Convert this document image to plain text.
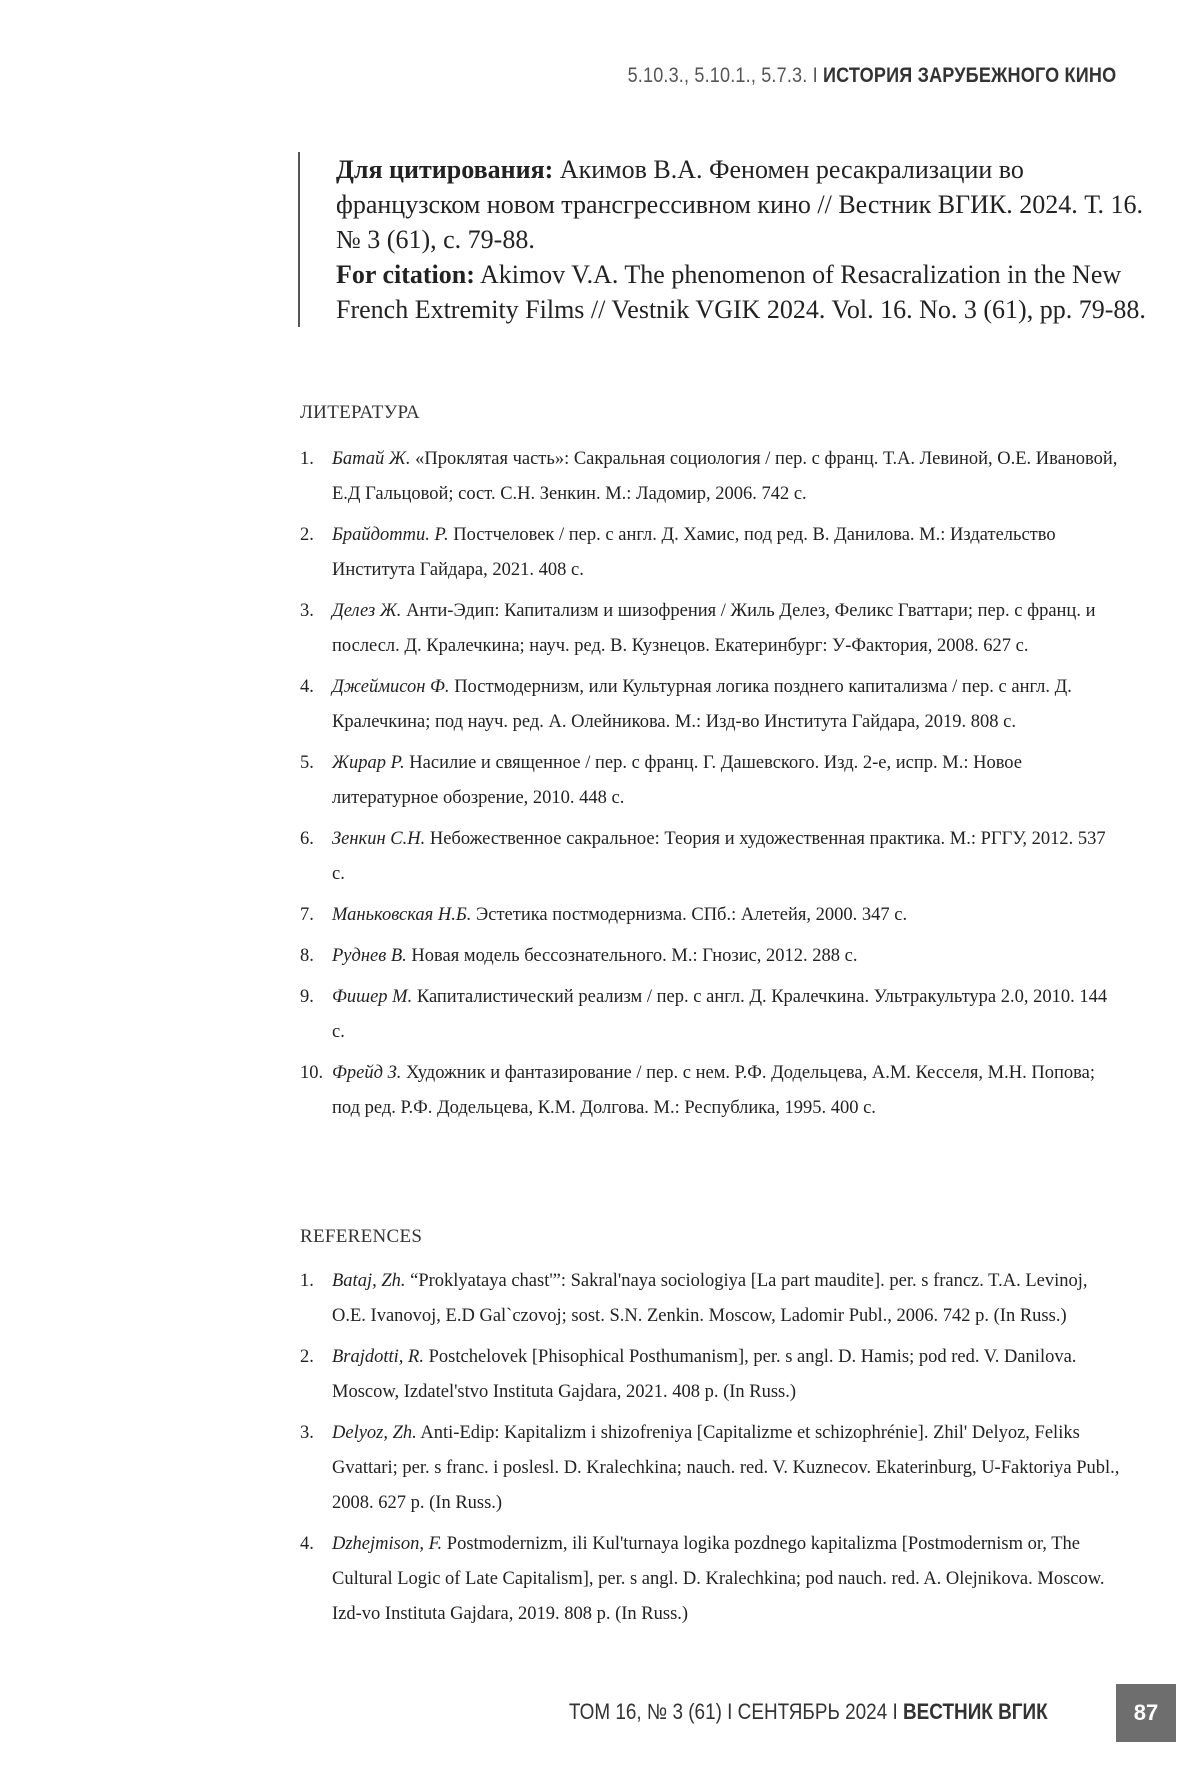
5.10.3., 5.10.1., 5.7.3. I ИСТОРИЯ ЗАРУБЕЖНОГО КИНО
Для цитирования: Акимов В.А. Феномен ресакрализации во французском новом трансгрессивном кино // Вестник ВГИК. 2024. Т. 16. № 3 (61), с. 79-88.
For citation: Akimov V.A. The phenomenon of Resacralization in the New French Extremity Films // Vestnik VGIK 2024. Vol. 16. No. 3 (61), pp. 79-88.
ЛИТЕРАТУРА
1. Батай Ж. «Проклятая часть»: Сакральная социология / пер. с франц. Т.А. Левиной, О.Е. Ивановой, Е.Д Гальцовой; сост. С.Н. Зенкин. М.: Ладомир, 2006. 742 с.
2. Брайдотти. Р. Постчеловек / пер. с англ. Д. Хамис, под ред. В. Данилова. М.: Издательство Института Гайдара, 2021. 408 с.
3. Делез Ж. Анти-Эдип: Капитализм и шизофрения / Жиль Делез, Феликс Гваттари; пер. с франц. и послесл. Д. Кралечкина; науч. ред. В. Кузнецов. Екатеринбург: У-Фактория, 2008. 627 с.
4. Джеймисон Ф. Постмодернизм, или Культурная логика позднего капитализма / пер. с англ. Д. Кралечкина; под науч. ред. А. Олейникова. М.: Изд-во Института Гайдара, 2019. 808 с.
5. Жирар Р. Насилие и священное / пер. с франц. Г. Дашевского. Изд. 2-е, испр. М.: Новое литературное обозрение, 2010. 448 с.
6. Зенкин С.Н. Небожественное сакральное: Теория и художественная практика. М.: РГГУ, 2012. 537 с.
7. Маньковская Н.Б. Эстетика постмодернизма. СПб.: Алетейя, 2000. 347 с.
8. Руднев В. Новая модель бессознательного. М.: Гнозис, 2012. 288 с.
9. Фишер М. Капиталистический реализм / пер. с англ. Д. Кралечкина. Ультракультура 2.0, 2010. 144 с.
10. Фрейд З. Художник и фантазирование / пер. с нем. Р.Ф. Додельцева, А.М. Кесселя, М.Н. Попова; под ред. Р.Ф. Додельцева, К.М. Долгова. М.: Республика, 1995. 400 с.
REFERENCES
1. Bataj, Zh. “Proklyataya chast'”: Sakral'naya sociologiya [La part maudite]. per. s francz. T.A. Levinoj, O.E. Ivanovoj, E.D Gal`czovoj; sost. S.N. Zenkin. Moscow, Ladomir Publ., 2006. 742 p. (In Russ.)
2. Brajdotti, R. Postchelovek [Phisophical Posthumanism], per. s angl. D. Hamis; pod red. V. Danilova. Moscow, Izdatel'stvo Instituta Gajdara, 2021. 408 p. (In Russ.)
3. Delyoz, Zh. Anti-Edip: Kapitalizm i shizofreniya [Capitalizme et schizophrénie]. Zhil' Delyoz, Feliks Gvattari; per. s franc. i poslesl. D. Kralechkina; nauch. red. V. Kuznecov. Ekaterinburg, U-Faktoriya Publ., 2008. 627 p. (In Russ.)
4. Dzhejmison, F. Postmodernizm, ili Kul'turnaya logika pozdnego kapitalizma [Postmodernism or, The Cultural Logic of Late Capitalism], per. s angl. D. Kralechkina; pod nauch. red. A. Olejnikova. Moscow. Izd-vo Instituta Gajdara, 2019. 808 p. (In Russ.)
ТОМ 16, № 3 (61) I СЕНТЯБРЬ 2024 I ВЕСТНИК ВГИК	87
